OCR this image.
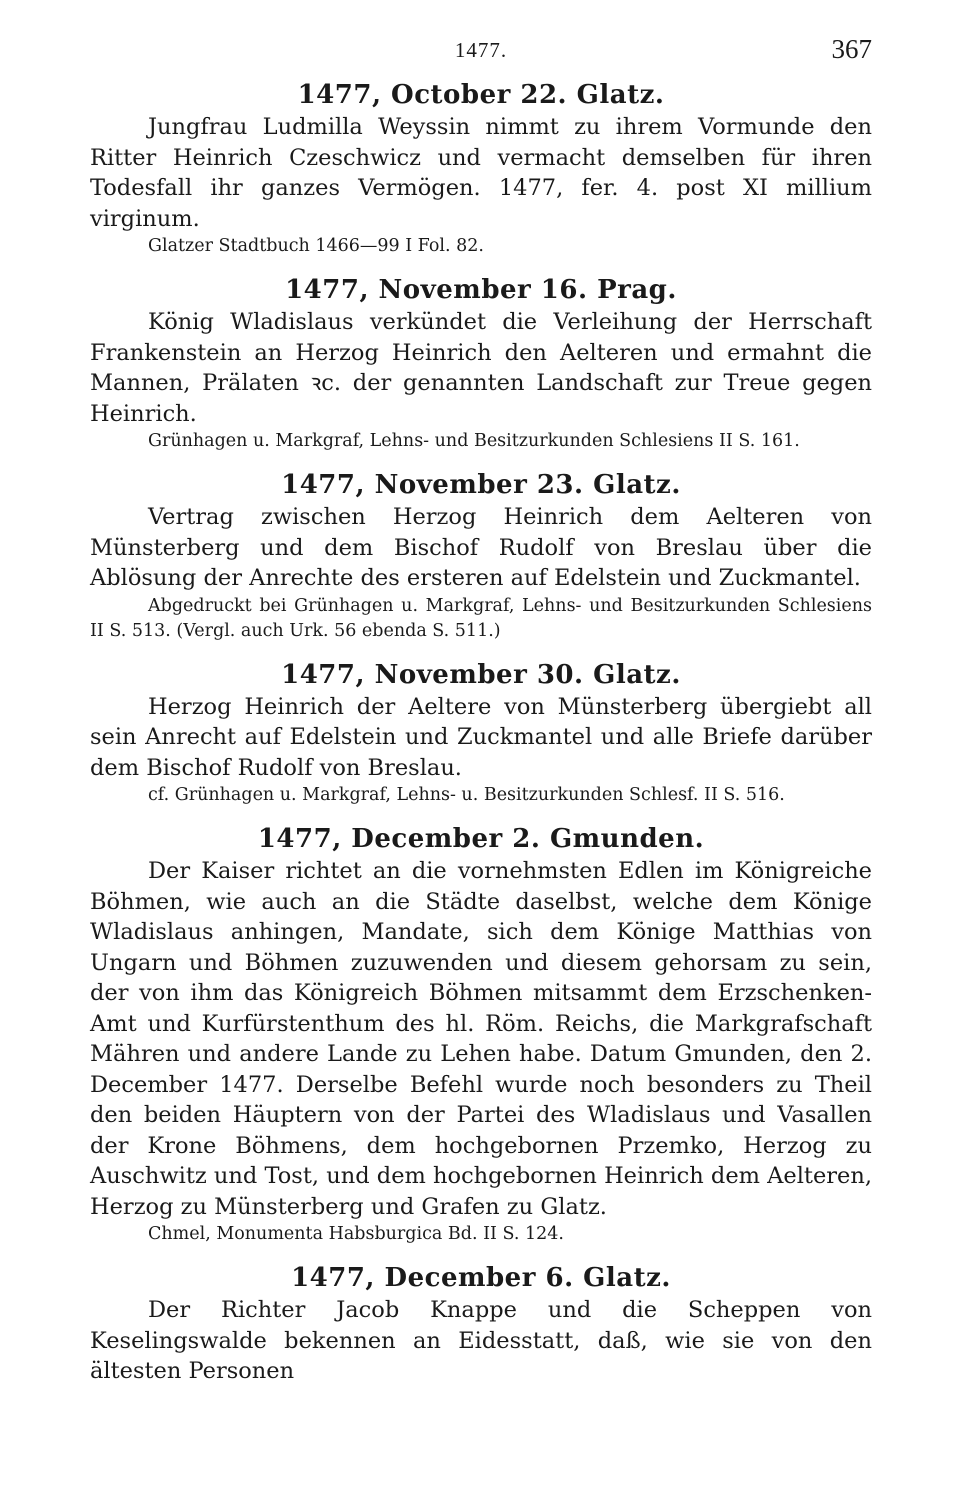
1477.	367
1477, October 22. Glatz.

Jungfrau Ludmilla Weyssin nimmt zu ihrem Vormunde den Ritter Heinrich Czeschwicz und vermacht demselben für ihren Todesfall ihr ganzes Vermögen. 1477, fer. 4. post XI millium virginum.

Glatzer Stadtbuch 1466—99 I Fol. 82.

1477, November 16. Prag.

König Wladislaus verkündet die Verleihung der Herrschaft Frankenstein an Herzog Heinrich den Aelteren und ermahnt die Mannen, Prälaten ꝛc. der genannten Landschaft zur Treue gegen Heinrich.

Grünhagen u. Markgraf, Lehns- und Besitzurkunden Schlesiens II S. 161.

1477, November 23. Glatz.

Vertrag zwischen Herzog Heinrich dem Aelteren von Münsterberg und dem Bischof Rudolf von Breslau über die Ablösung der Anrechte des ersteren auf Edelstein und Zuckmantel.

Abgedruckt bei Grünhagen u. Markgraf, Lehns- und Besitzurkunden Schlesiens II S. 513. (Vergl. auch Urk. 56 ebenda S. 511.)

1477, November 30. Glatz.

Herzog Heinrich der Aeltere von Münsterberg übergiebt all sein Anrecht auf Edelstein und Zuckmantel und alle Briefe darüber dem Bischof Rudolf von Breslau.

cf. Grünhagen u. Markgraf, Lehns- u. Besitzurkunden Schlesf. II S. 516.

1477, December 2. Gmunden.

Der Kaiser richtet an die vornehmsten Edlen im Königreiche Böhmen, wie auch an die Städte daselbst, welche dem Könige Wladislaus anhingen, Mandate, sich dem Könige Matthias von Ungarn und Böhmen zuzuwenden und diesem gehorsam zu sein, der von ihm das Königreich Böhmen mitsammt dem Erzschenken-Amt und Kurfürstenthum des hl. Röm. Reichs, die Markgrafschaft Mähren und andere Lande zu Lehen habe. Datum Gmunden, den 2. December 1477. Derselbe Befehl wurde noch besonders zu Theil den beiden Häuptern von der Partei des Wladislaus und Vasallen der Krone Böhmens, dem hochgebornen Przemko, Herzog zu Auschwitz und Tost, und dem hochgebornen Heinrich dem Aelteren, Herzog zu Münsterberg und Grafen zu Glatz.

Chmel, Monumenta Habsburgica Bd. II S. 124.

1477, December 6. Glatz.

Der Richter Jacob Knappe und die Scheppen von Keselingswalde bekennen an Eidesstatt, daß, wie sie von den ältesten Personen
